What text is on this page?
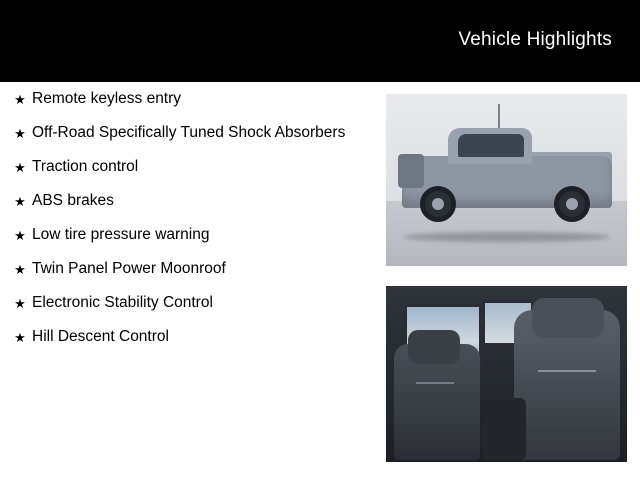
Vehicle Highlights
★ Remote keyless entry
★ Off-Road Specifically Tuned Shock Absorbers
★ Traction control
★ ABS brakes
★ Low tire pressure warning
★ Twin Panel Power Moonroof
★ Electronic Stability Control
★ Hill Descent Control
